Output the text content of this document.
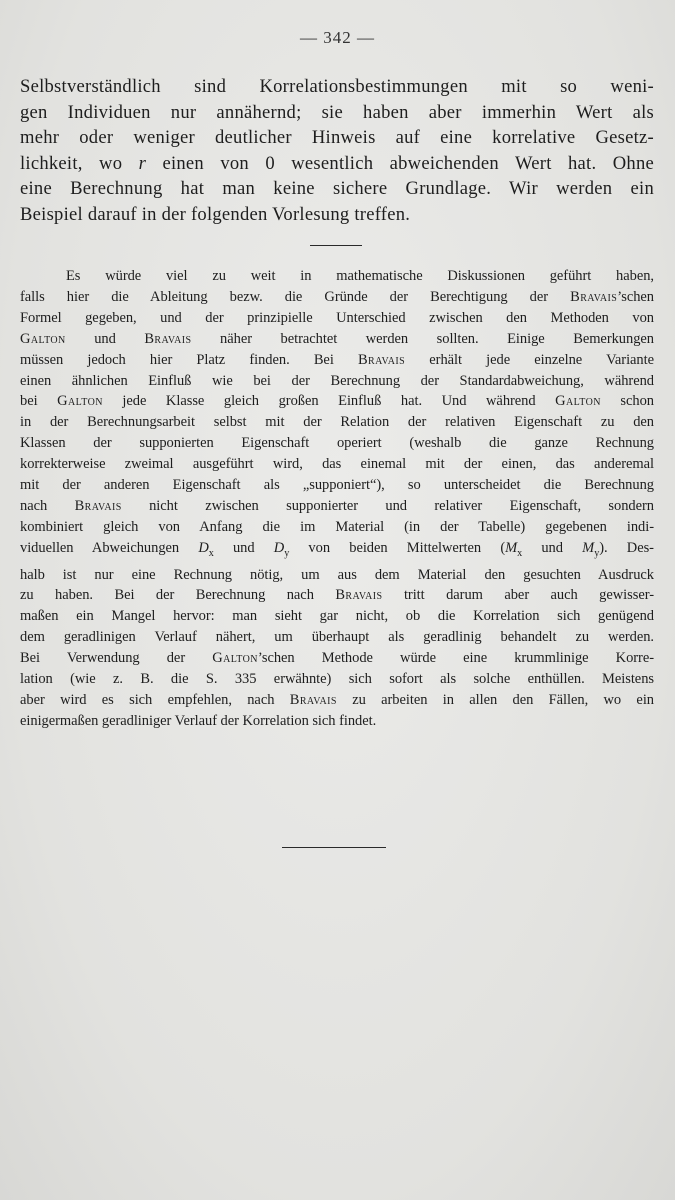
— 342 —
Selbstverständlich sind Korrelationsbestimmungen mit so weni-
gen Individuen nur annähernd; sie haben aber immerhin Wert als
mehr oder weniger deutlicher Hinweis auf eine korrelative Gesetz-
lichkeit, wo r einen von 0 wesentlich abweichenden Wert hat. Ohne
eine Berechnung hat man keine sichere Grundlage. Wir werden ein
Beispiel darauf in der folgenden Vorlesung treffen.
Es würde viel zu weit in mathematische Diskussionen geführt haben,
falls hier die Ableitung bezw. die Gründe der Berechtigung der Bravais’schen
Formel gegeben, und der prinzipielle Unterschied zwischen den Methoden von
Galton und Bravais näher betrachtet werden sollten. Einige Bemerkungen
müssen jedoch hier Platz finden. Bei Bravais erhält jede einzelne Variante
einen ähnlichen Einfluß wie bei der Berechnung der Standardabweichung, während
bei Galton jede Klasse gleich großen Einfluß hat. Und während Galton schon
in der Berechnungsarbeit selbst mit der Relation der relativen Eigenschaft zu den
Klassen der supponierten Eigenschaft operiert (weshalb die ganze Rechnung
korrekterweise zweimal ausgeführt wird, das einemal mit der einen, das anderemal
mit der anderen Eigenschaft als „supponiert“), so unterscheidet die Berechnung
nach Bravais nicht zwischen supponierter und relativer Eigenschaft, sondern
kombiniert gleich von Anfang die im Material (in der Tabelle) gegebenen indi-
viduellen Abweichungen $D_x$ und $D_y$ von beiden Mittelwerten ($M_x$ und $M_y$). Des-
halb ist nur eine Rechnung nötig, um aus dem Material den gesuchten Ausdruck
zu haben. Bei der Berechnung nach Bravais tritt darum aber auch gewisser-
maßen ein Mangel hervor: man sieht gar nicht, ob die Korrelation sich genügend
dem geradlinigen Verlauf nähert, um überhaupt als geradlinig behandelt zu werden.
Bei Verwendung der Galton’schen Methode würde eine krummlinige Korre-
lation (wie z. B. die S. 335 erwähnte) sich sofort als solche enthüllen. Meistens
aber wird es sich empfehlen, nach Bravais zu arbeiten in allen den Fällen, wo ein
einigermaßen geradliniger Verlauf der Korrelation sich findet.
